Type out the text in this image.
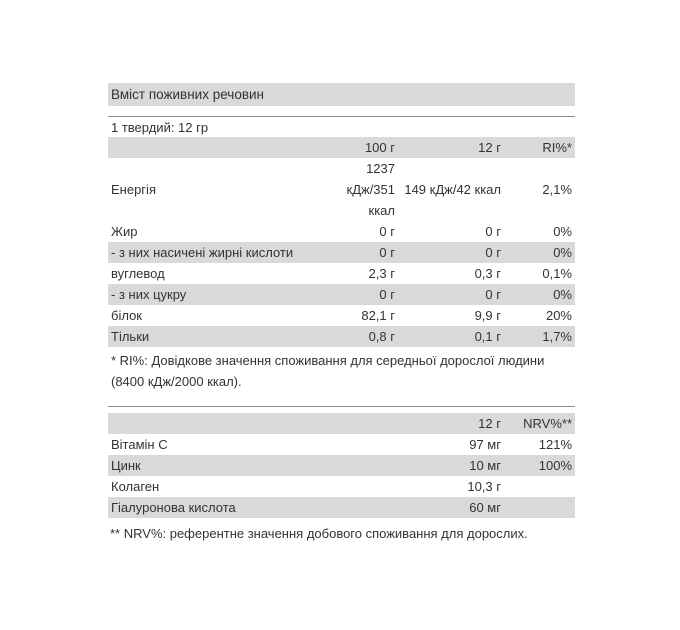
Вміст поживних речовин
1 твердий: 12 гр
	100 г	12 г	RI%*
Енергія	1237 кДж/351 ккал	149 кДж/42 ккал	2,1%
Жир	0 г	0 г	0%
- з них насичені жирні кислоти	0 г	0 г	0%
вуглевод	2,3 г	0,3 г	0,1%
- з них цукру	0 г	0 г	0%
білок	82,1 г	9,9 г	20%
Тільки	0,8 г	0,1 г	1,7%
* RI%: Довідкове значення споживання для середньої дорослої людини (8400 кДж/2000 ккал).
		12 г	NRV%**
Вітамін C		97 мг	121%
Цинк		10 мг	100%
Колаген		10,3 г	
Гіалуронова кислота		60 мг	
** NRV%: референтне значення добового споживання для дорослих.
